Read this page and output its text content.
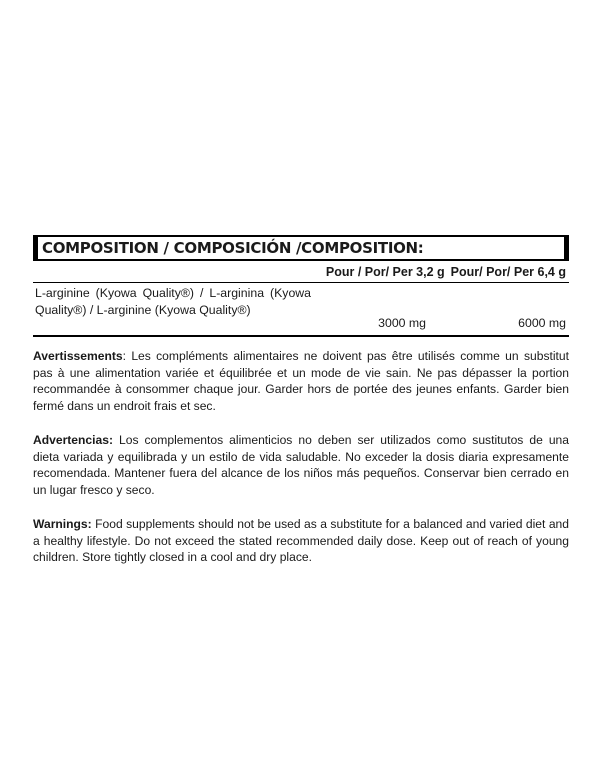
COMPOSITION / COMPOSICIÓN /COMPOSITION:
Pour / Por/ Per 3,2 g Pour/ Por/ Per 6,4 g
L-arginine (Kyowa Quality®) / L-arginina (Kyowa Quality®) / L-arginine (Kyowa Quality®)
3000 mg	6000 mg

Avertissements: Les compléments alimentaires ne doivent pas être utilisés comme un substitut pas à une alimentation variée et équilibrée et un mode de vie sain. Ne pas dépasser la portion recommandée à consommer chaque jour. Garder hors de portée des jeunes enfants. Garder bien fermé dans un endroit frais et sec.

Advertencias: Los complementos alimenticios no deben ser utilizados como sustitutos de una dieta variada y equilibrada y un estilo de vida saludable. No exceder la dosis diaria expresamente recomendada. Mantener fuera del alcance de los niños más pequeños. Conservar bien cerrado en un lugar fresco y seco.

Warnings: Food supplements should not be used as a substitute for a balanced and varied diet and a healthy lifestyle. Do not exceed the stated recommended daily dose. Keep out of reach of young children. Store tightly closed in a cool and dry place.
